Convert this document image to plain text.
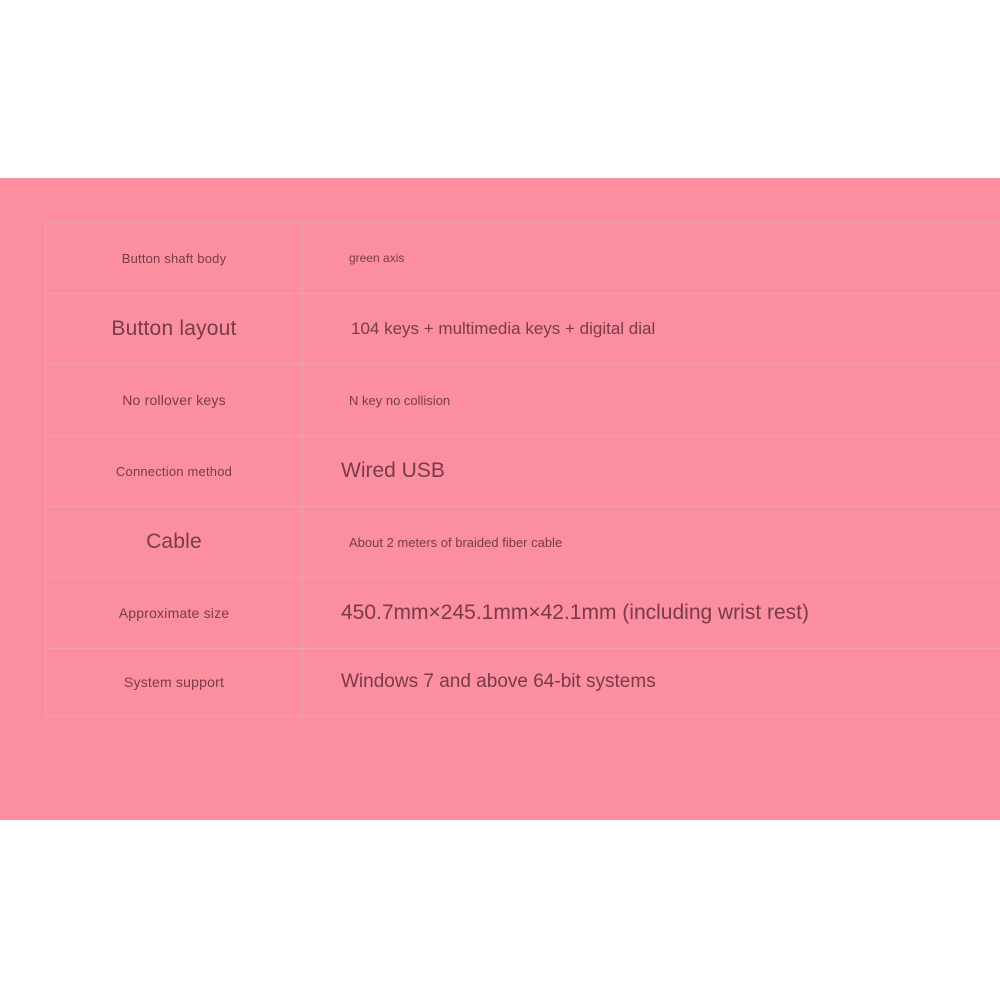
Button shaft body	green axis
Button layout	104 keys + multimedia keys + digital dial
No rollover keys	N key no collision
Connection method	Wired USB
Cable	About 2 meters of braided fiber cable
Approximate size	450.7mm×245.1mm×42.1mm (including wrist rest)
System support	Windows 7 and above 64-bit systems
